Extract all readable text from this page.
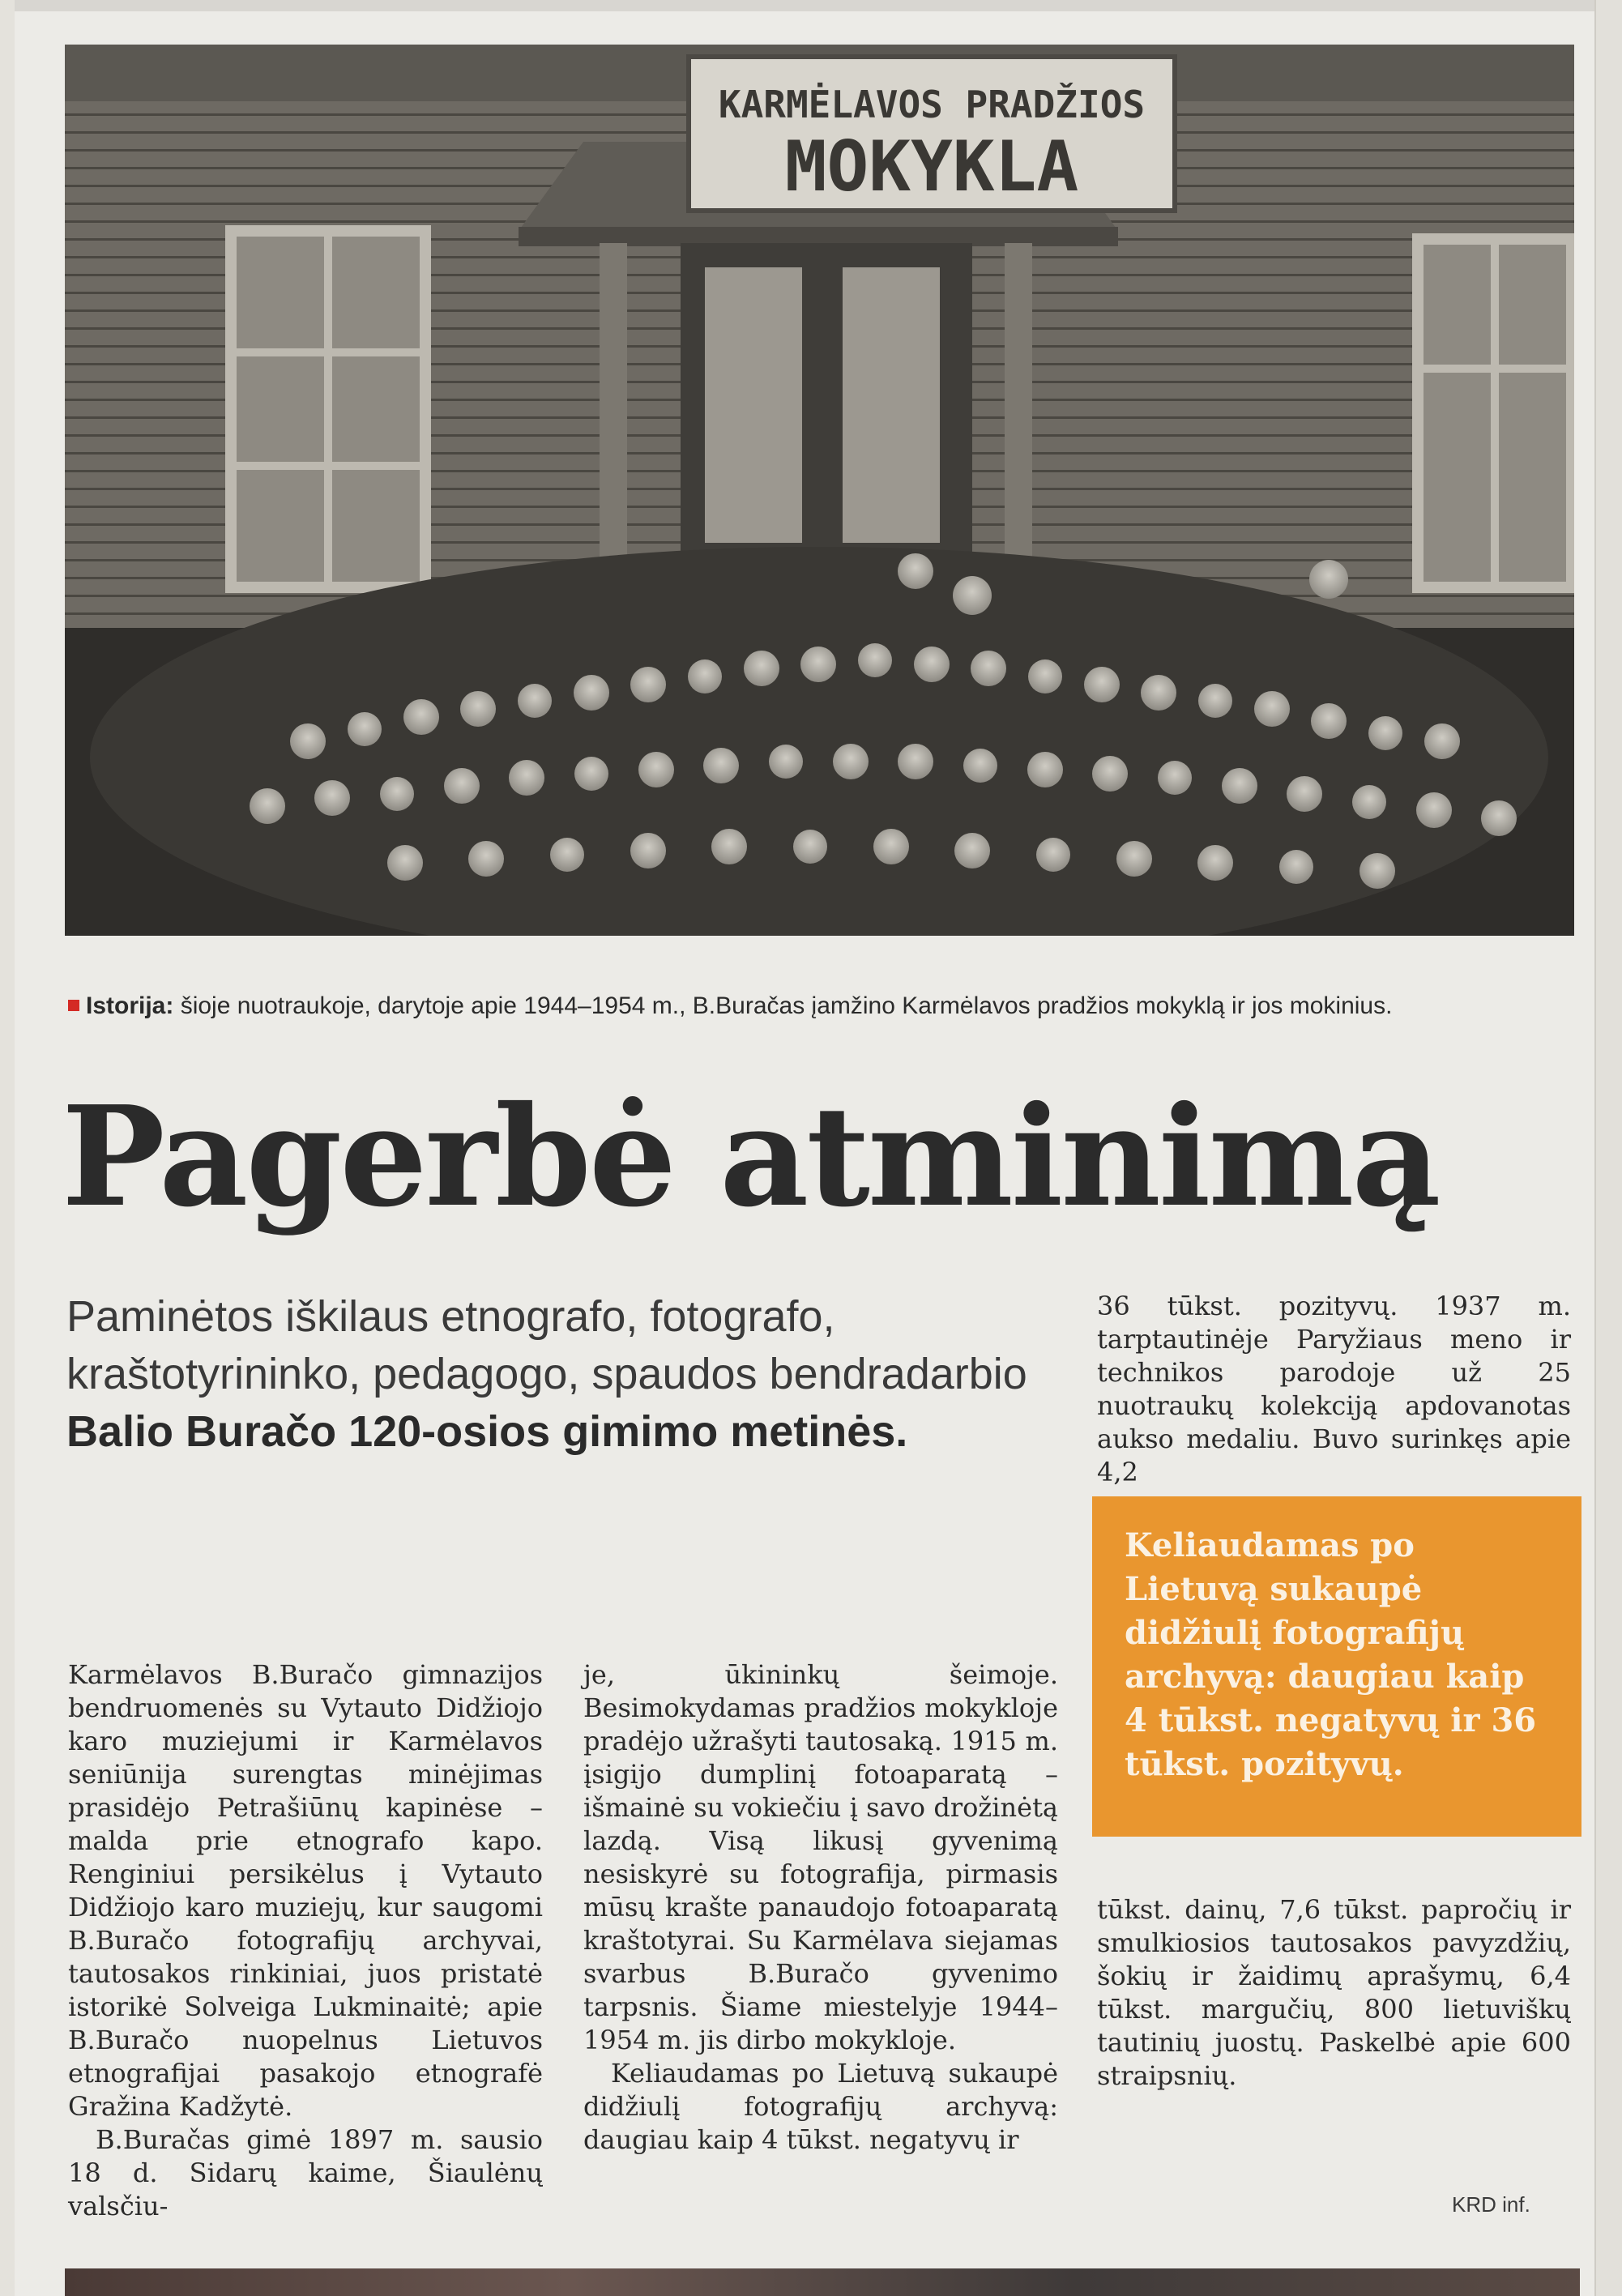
KARMĖLAVOS PRADŽIOS
MOKYKLA
Istorija: šioje nuotraukoje, darytoje apie 1944–1954 m., B.Buračas įamžino Karmėlavos pradžios mokyklą ir jos mokinius.
Pagerbė atminimą
Paminėtos iškilaus etnografo, fotografo, kraštotyrininko, pedagogo, spaudos bendradarbio Balio Buračo 120-osios gimimo metinės.

Karmėlavos B.Buračo gimnazijos bendruomenės su Vytauto Didžiojo karo muziejumi ir Karmėlavos seniūnija surengtas minėjimas prasidėjo Petrašiūnų kapinėse – malda prie etnografo kapo. Renginiui persikėlus į Vytauto Didžiojo karo muziejų, kur saugomi B.Buračo fotografijų archyvai, tautosakos rinkiniai, juos pristatė istorikė Solveiga Lukminaitė; apie B.Buračo nuopelnus Lietuvos etnografijai pasakojo etnografė Gražina Kadžytė.

B.Buračas gimė 1897 m. sausio 18 d. Sidarų kaime, Šiaulėnų valsčiu-

je, ūkininkų šeimoje. Besimokydamas pradžios mokykloje pradėjo užrašyti tautosaką. 1915 m. įsigijo dumplinį fotoaparatą – išmainė su vokiečiu į savo drožinėtą lazdą. Visą likusį gyvenimą nesiskyrė su fotografija, pirmasis mūsų krašte panaudojo fotoaparatą kraštotyrai. Su Karmėlava siejamas svarbus B.Buračo gyvenimo tarpsnis. Šiame miestelyje 1944–1954 m. jis dirbo mokykloje.

Keliaudamas po Lietuvą sukaupė didžiulį fotografijų archyvą: daugiau kaip 4 tūkst. negatyvų ir

36 tūkst. pozityvų. 1937 m. tarptautinėje Paryžiaus meno ir technikos parodoje už 25 nuotraukų kolekciją apdovanotas aukso medaliu. Buvo surinkęs apie 4,2

Keliaudamas po Lietuvą sukaupė didžiulį fotografijų archyvą: daugiau kaip 4 tūkst. negatyvų ir 36 tūkst. pozityvų.

tūkst. dainų, 7,6 tūkst. papročių ir smulkiosios tautosakos pavyzdžių, šokių ir žaidimų aprašymų, 6,4 tūkst. margučių, 800 lietuviškų tautinių juostų. Paskelbė apie 600 straipsnių.

KRD inf.
